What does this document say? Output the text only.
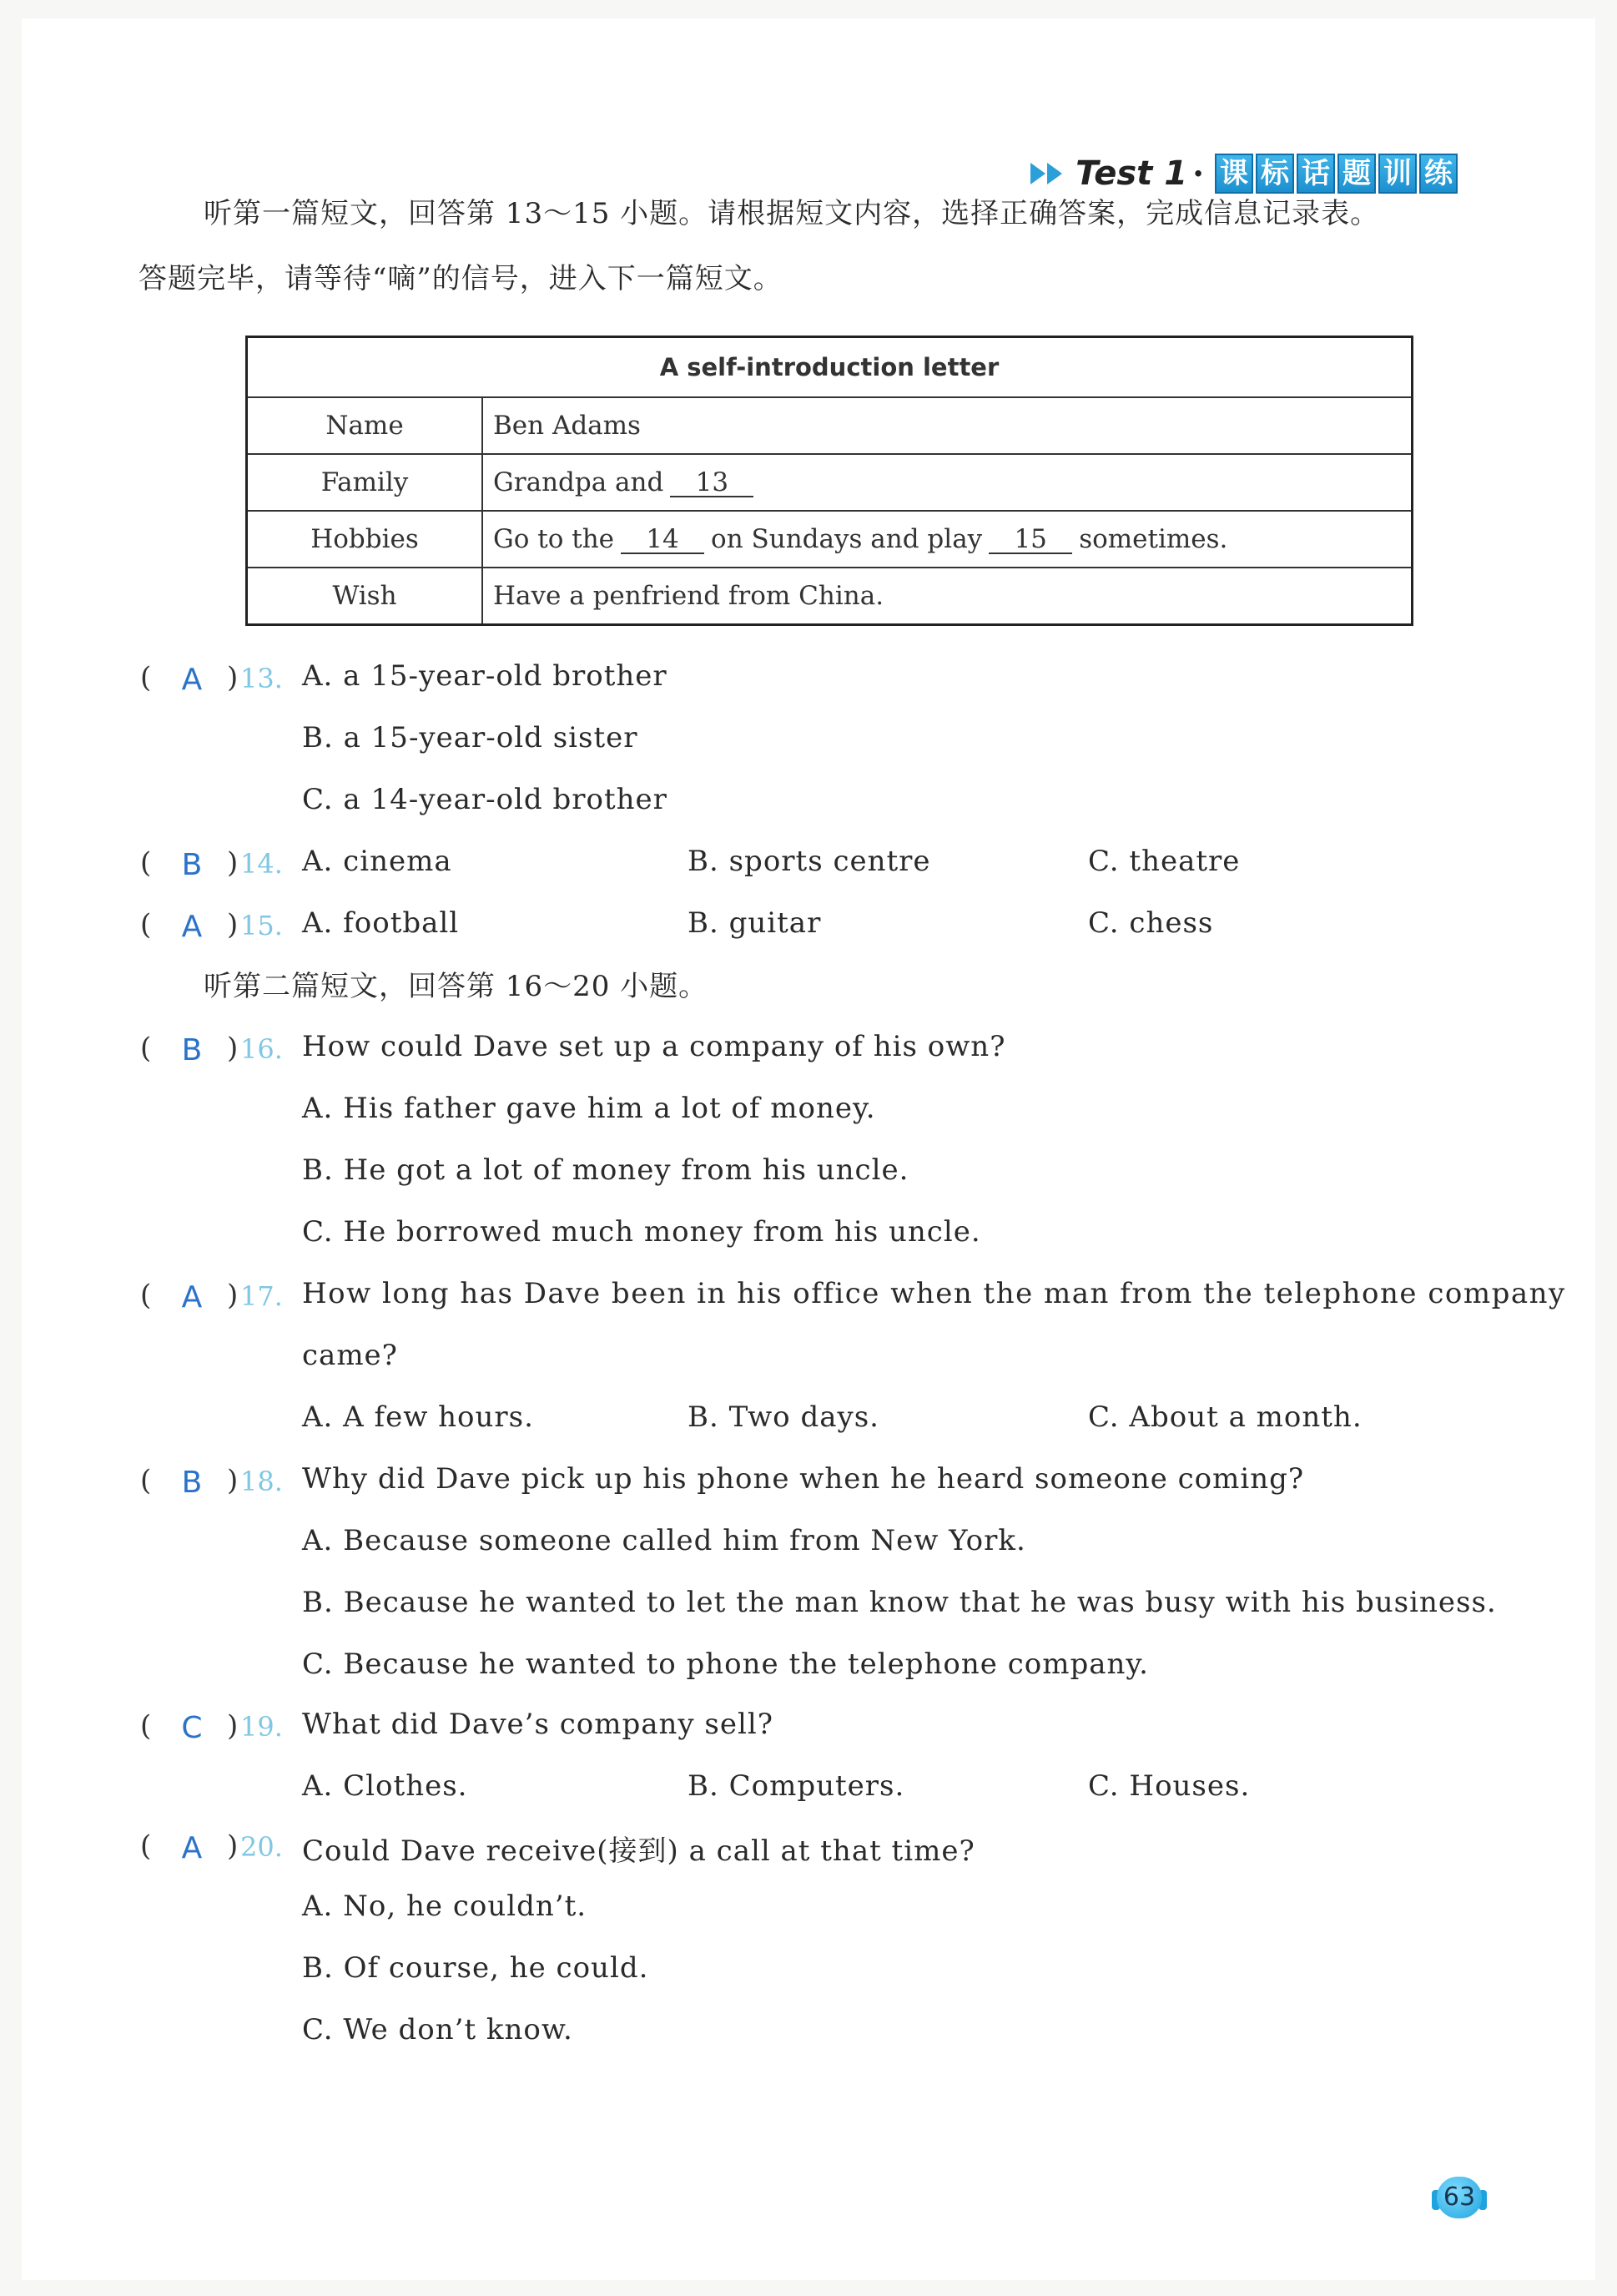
Test 1 · 课 标 话 题 训 练
听第一篇短文，回答第 13～15 小题。请根据短文内容，选择正确答案，完成信息记录表。
答题完毕，请等待“嘀”的信号，进入下一篇短文。
A self-introduction letter	
Name	Ben Adams
Family	Grandpa and 13
Hobbies	Go to the 14 on Sundays and play 15 sometimes.
Wish	Have a penfriend from China.
( A ) 13. A. a 15-year-old brother
B. a 15-year-old sister
C. a 14-year-old brother
( B ) 14. A. cinema	B. sports centre	C. theatre
( A ) 15. A. football	B. guitar	C. chess
听第二篇短文，回答第 16～20 小题。
( B ) 16. How could Dave set up a company of his own?
A. His father gave him a lot of money.
B. He got a lot of money from his uncle.
C. He borrowed much money from his uncle.
( A ) 17. How long has Dave been in his office when the man from the telephone company
came?
A. A few hours.	B. Two days.	C. About a month.
( B ) 18. Why did Dave pick up his phone when he heard someone coming?
A. Because someone called him from New York.
B. Because he wanted to let the man know that he was busy with his business.
C. Because he wanted to phone the telephone company.
( C ) 19. What did Dave’s company sell?
A. Clothes.	B. Computers.	C. Houses.
( A ) 20. Could Dave receive(接到) a call at that time?
A. No, he couldn’t.
B. Of course, he could.
C. We don’t know.
63
